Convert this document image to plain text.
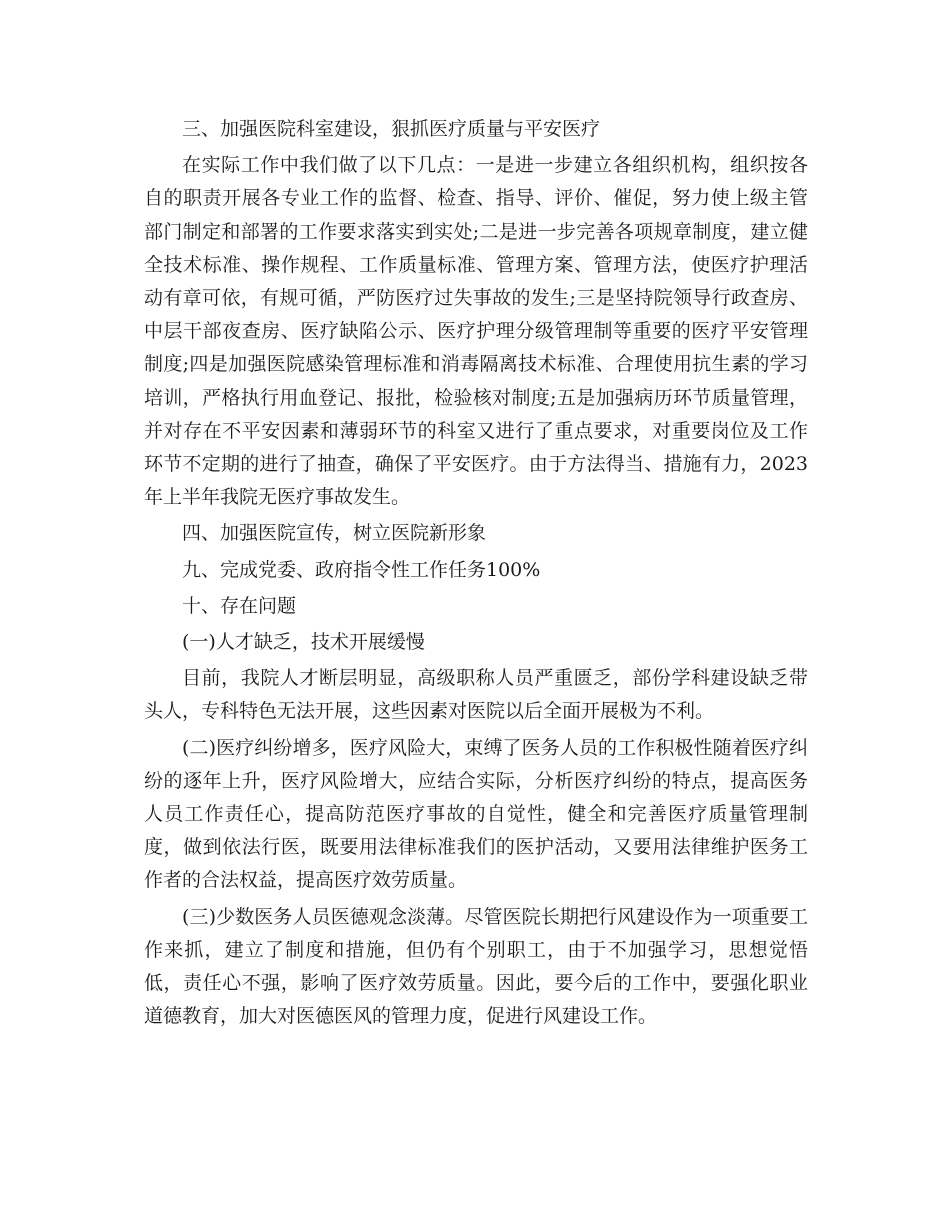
三、加强医院科室建设，狠抓医疗质量与平安医疗

在实际工作中我们做了以下几点：一是进一步建立各组织机构，组织按各自的职责开展各专业工作的监督、检查、指导、评价、催促，努力使上级主管部门制定和部署的工作要求落实到实处;二是进一步完善各项规章制度，建立健全技术标准、操作规程、工作质量标准、管理方案、管理方法，使医疗护理活动有章可依，有规可循，严防医疗过失事故的发生;三是坚持院领导行政查房、中层干部夜查房、医疗缺陷公示、医疗护理分级管理制等重要的医疗平安管理制度;四是加强医院感染管理标准和消毒隔离技术标准、合理使用抗生素的学习培训，严格执行用血登记、报批，检验核对制度;五是加强病历环节质量管理，并对存在不平安因素和薄弱环节的科室又进行了重点要求，对重要岗位及工作环节不定期的进行了抽查，确保了平安医疗。由于方法得当、措施有力，2023年上半年我院无医疗事故发生。

四、加强医院宣传，树立医院新形象

九、完成党委、政府指令性工作任务100%

十、存在问题

(一)人才缺乏，技术开展缓慢

目前，我院人才断层明显，高级职称人员严重匮乏，部份学科建设缺乏带头人，专科特色无法开展，这些因素对医院以后全面开展极为不利。

(二)医疗纠纷增多，医疗风险大，束缚了医务人员的工作积极性随着医疗纠纷的逐年上升，医疗风险增大，应结合实际，分析医疗纠纷的特点，提高医务人员工作责任心，提高防范医疗事故的自觉性，健全和完善医疗质量管理制度，做到依法行医，既要用法律标准我们的医护活动，又要用法律维护医务工作者的合法权益，提高医疗效劳质量。

(三)少数医务人员医德观念淡薄。尽管医院长期把行风建设作为一项重要工作来抓，建立了制度和措施，但仍有个别职工，由于不加强学习，思想觉悟低，责任心不强，影响了医疗效劳质量。因此，要今后的工作中，要强化职业道德教育，加大对医德医风的管理力度，促进行风建设工作。
